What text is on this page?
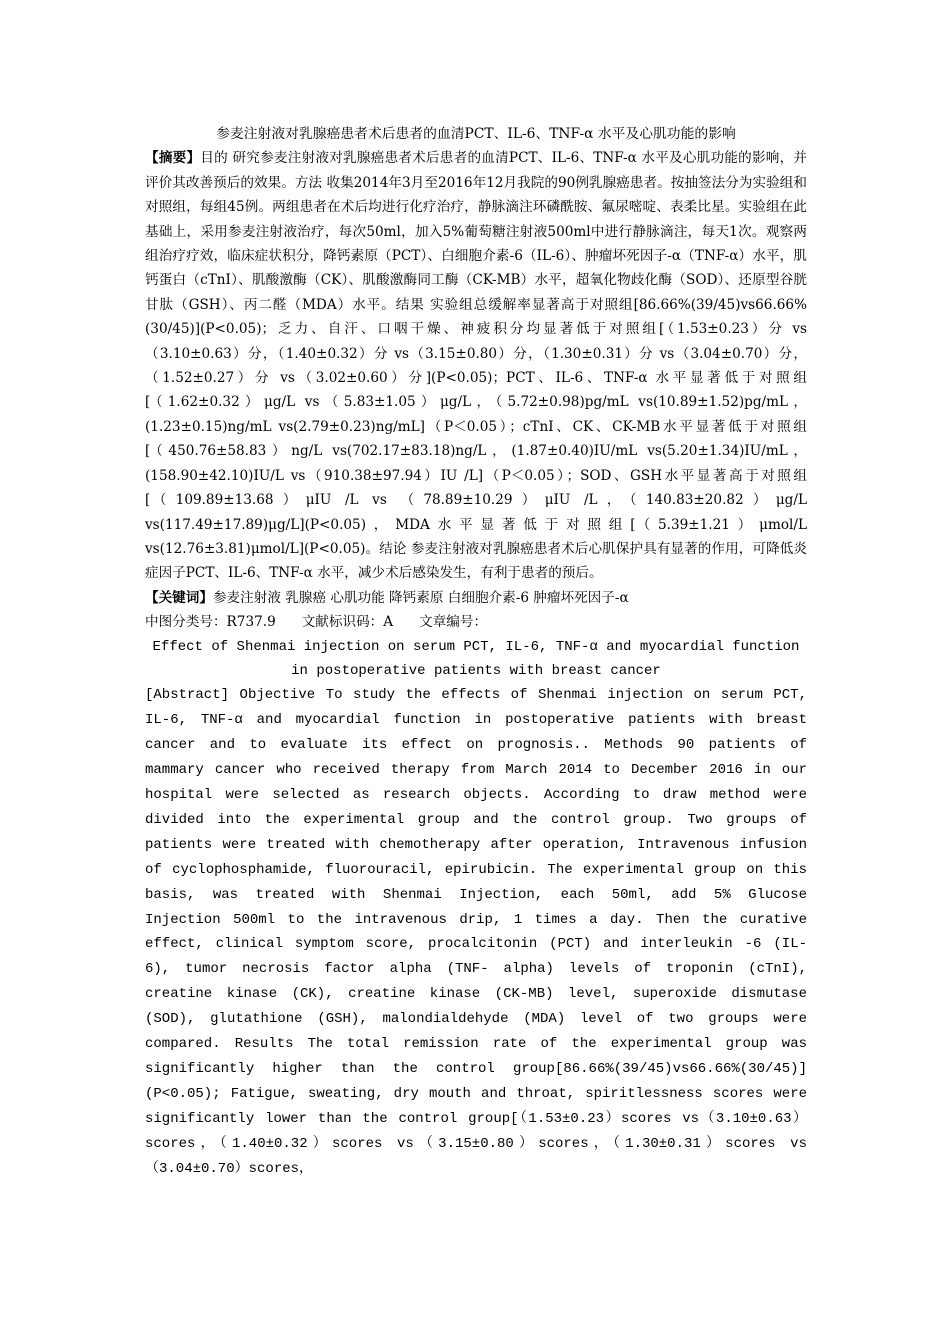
参麦注射液对乳腺癌患者术后患者的血清PCT、IL-6、TNF-α 水平及心肌功能的影响

【摘要】目的 研究参麦注射液对乳腺癌患者术后患者的血清PCT、IL-6、TNF-α 水平及心肌功能的影响，并评价其改善预后的效果。方法 收集2014年3月至2016年12月我院的90例乳腺癌患者。按抽签法分为实验组和对照组，每组45例。两组患者在术后均进行化疗治疗，静脉滴注环磷酰胺、氟尿嘧啶、表柔比星。实验组在此基础上，采用参麦注射液治疗，每次50ml，加入5%葡萄糖注射液500ml中进行静脉滴注，每天1次。观察两组治疗疗效，临床症状积分，降钙素原（PCT）、白细胞介素-6（IL-6）、肿瘤坏死因子-α（TNF-α）水平，肌钙蛋白（cTnI）、肌酸激酶（CK）、肌酸激酶同工酶（CK-MB）水平，超氧化物歧化酶（SOD）、还原型谷胱甘肽（GSH）、丙二醛（MDA）水平。结果 实验组总缓解率显著高于对照组[86.66%(39/45)vs66.66%(30/45)](P<0.05)；乏力、自汗、口咽干燥、神疲积分均显著低于对照组[（1.53±0.23）分 vs（3.10±0.63）分，（1.40±0.32）分 vs（3.15±0.80）分，（1.30±0.31）分 vs（3.04±0.70）分，（1.52±0.27）分 vs（3.02±0.60）分](P<0.05)；PCT、IL-6、TNF-α 水平显著低于对照组[（1.62±0.32）μg/L vs（5.83±1.05）μg/L，（5.72±0.98)pg/mL vs(10.89±1.52)pg/mL，(1.23±0.15)ng/mL vs(2.79±0.23)ng/mL]（P＜0.05）；cTnI、CK、CK-MB水平显著低于对照组[（450.76±58.83）ng/L vs(702.17±83.18)ng/L，(1.87±0.40)IU/mL vs(5.20±1.34)IU/mL，(158.90±42.10)IU/L vs（910.38±97.94）IU /L]（P＜0.05）；SOD、GSH水平显著高于对照组[（109.89±13.68）μIU /L vs （78.89±10.29）μIU /L，（140.83±20.82）μg/L vs(117.49±17.89)μg/L](P<0.05)，MDA水平显著低于对照组[（5.39±1.21）μmol/L vs(12.76±3.81)μmol/L](P<0.05)。结论 参麦注射液对乳腺癌患者术后心肌保护具有显著的作用，可降低炎症因子PCT、IL-6、TNF-α 水平，减少术后感染发生，有利于患者的预后。

【关键词】参麦注射液 乳腺癌 心肌功能 降钙素原 白细胞介素-6 肿瘤坏死因子-α

中图分类号：R737.9 文献标识码：A 文章编号：

Effect of Shenmai injection on serum PCT, IL-6, TNF-α and myocardial function
in postoperative patients with breast cancer

[Abstract] Objective To study the effects of Shenmai injection on serum PCT, IL-6, TNF-α and myocardial function in postoperative patients with breast cancer and to evaluate its effect on prognosis.. Methods 90 patients of mammary cancer who received therapy from March 2014 to December 2016 in our hospital were selected as research objects. According to draw method were divided into the experimental group and the control group. Two groups of patients were treated with chemotherapy after operation, Intravenous infusion of cyclophosphamide, fluorouracil, epirubicin. The experimental group on this basis, was treated with Shenmai Injection, each 50ml, add 5% Glucose Injection 500ml to the intravenous drip, 1 times a day. Then the curative effect, clinical symptom score, procalcitonin (PCT) and interleukin -6 (IL-6), tumor necrosis factor alpha (TNF- alpha) levels of troponin (cTnI), creatine kinase (CK), creatine kinase (CK-MB) level, superoxide dismutase (SOD), glutathione (GSH), malondialdehyde (MDA) level of two groups were compared. Results The total remission rate of the experimental group was significantly higher than the control group[86.66%(39/45)vs66.66%(30/45)](P<0.05); Fatigue, sweating, dry mouth and throat, spiritlessness scores were significantly lower than the control group[（1.53±0.23）scores vs（3.10±0.63）scores，（1.40±0.32）scores vs（3.15±0.80）scores，（1.30±0.31）scores vs（3.04±0.70）scores，
